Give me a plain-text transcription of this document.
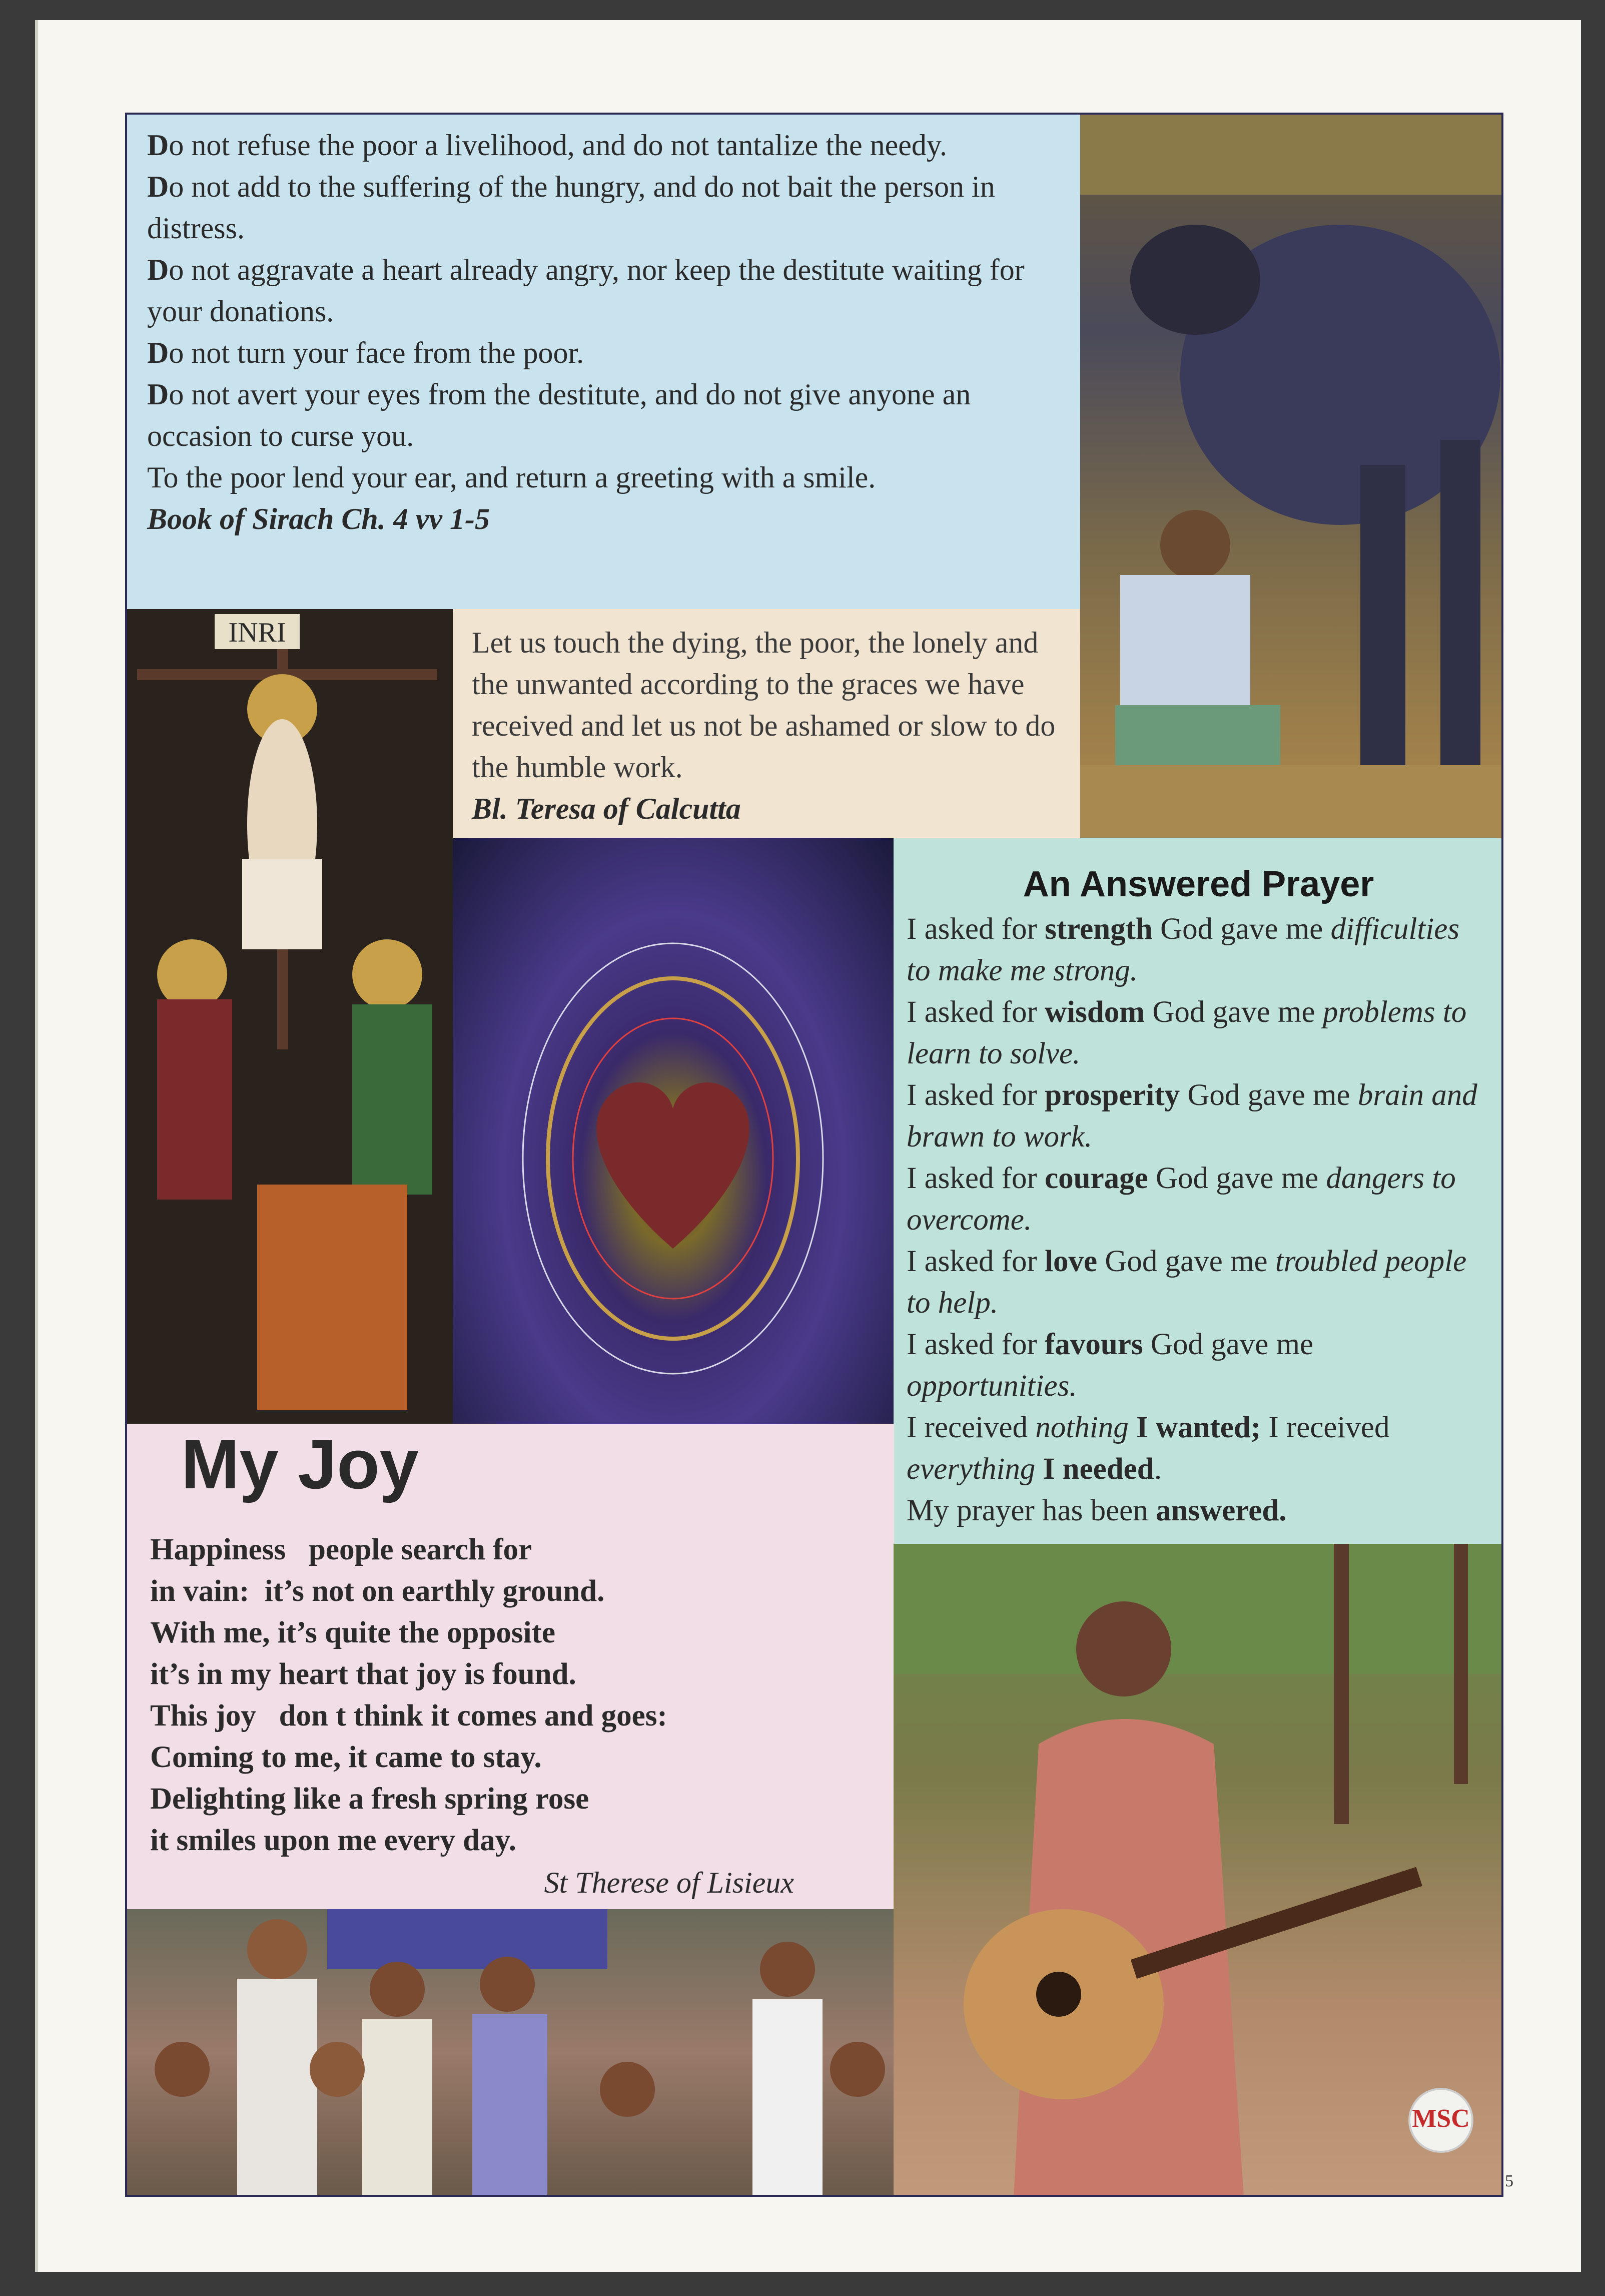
Do not refuse the poor a livelihood, and do not tantalize the needy.
Do not add to the suffering of the hungry, and do not bait the person in distress.
Do not aggravate a heart already angry, nor keep the destitute waiting for your donations.
Do not turn your face from the poor.
Do not avert your eyes from the destitute, and do not give anyone an occasion to curse you.
To the poor lend your ear, and return a greeting with a smile.
Book of Sirach Ch. 4 vv 1-5
INRI	Let us touch the dying, the poor, the lonely and the unwanted according to the graces we have received and let us not be ashamed or slow to do the humble work.
Bl. Teresa of Calcutta
An Answered Prayer
I asked for strength God gave me difficulties to make me strong.
I asked for wisdom God gave me problems to learn to solve.
I asked for prosperity God gave me brain and brawn to work.
I asked for courage God gave me dangers to overcome.
I asked for love God gave me troubled people to help.
I asked for favours God gave me opportunities.
I received nothing I wanted; I received everything I needed.
My prayer has been answered.
My Joy
Happiness   people search for
in vain:  it’s not on earthly ground.
With me, it’s quite the opposite
it’s in my heart that joy is found.
This joy   don t think it comes and goes:
Coming to me, it came to stay.
Delighting like a fresh spring rose
it smiles upon me every day.
St Therese of Lisieux
MSC
5
